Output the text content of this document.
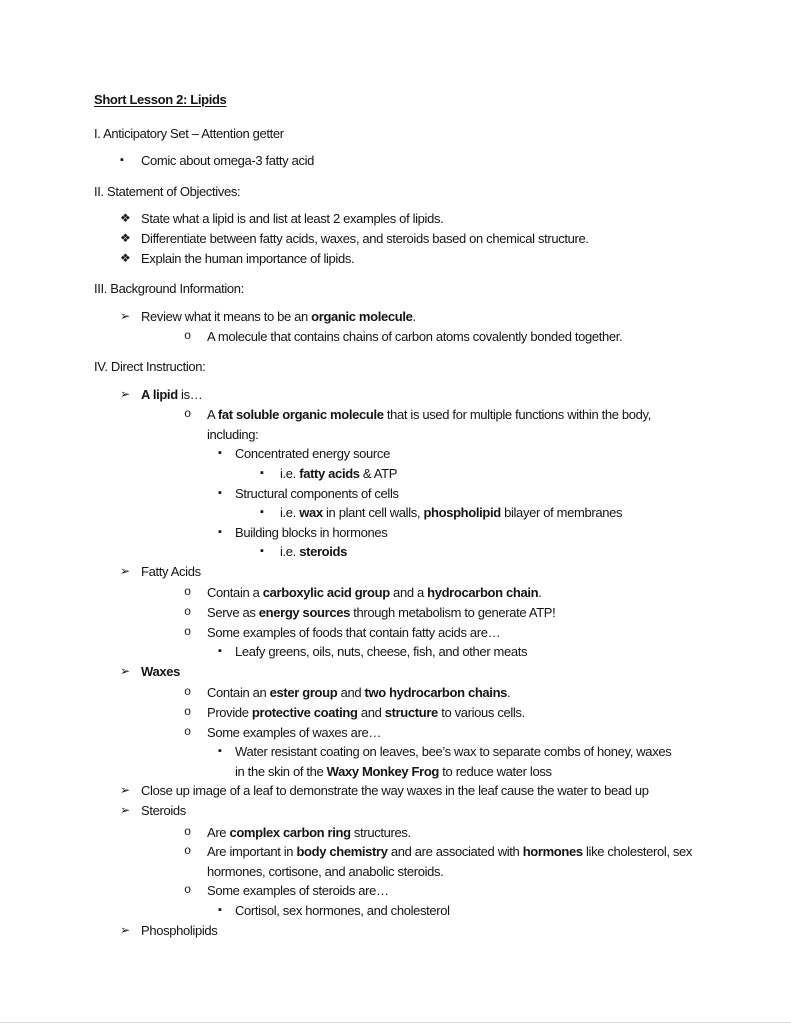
Short Lesson 2: Lipids
I. Anticipatory Set – Attention getter
▪ Comic about omega-3 fatty acid
II. Statement of Objectives:
❖ State what a lipid is and list at least 2 examples of lipids.
❖ Differentiate between fatty acids, waxes, and steroids based on chemical structure.
❖ Explain the human importance of lipids.
III. Background Information:
➢ Review what it means to be an organic molecule.
o A molecule that contains chains of carbon atoms covalently bonded together.
IV. Direct Instruction:
➢ A lipid is…
o A fat soluble organic molecule that is used for multiple functions within the body,
including:
▪ Concentrated energy source
▪ i.e. fatty acids & ATP
▪ Structural components of cells
▪ i.e. wax in plant cell walls, phospholipid bilayer of membranes
▪ Building blocks in hormones
▪ i.e. steroids
➢ Fatty Acids
o Contain a carboxylic acid group and a hydrocarbon chain.
o Serve as energy sources through metabolism to generate ATP!
o Some examples of foods that contain fatty acids are…
▪ Leafy greens, oils, nuts, cheese, fish, and other meats
➢ Waxes
o Contain an ester group and two hydrocarbon chains.
o Provide protective coating and structure to various cells.
o Some examples of waxes are…
▪ Water resistant coating on leaves, bee’s wax to separate combs of honey, waxes
in the skin of the Waxy Monkey Frog to reduce water loss
➢ Close up image of a leaf to demonstrate the way waxes in the leaf cause the water to bead up
➢ Steroids
o Are complex carbon ring structures.
o Are important in body chemistry and are associated with hormones like cholesterol, sex
hormones, cortisone, and anabolic steroids.
o Some examples of steroids are…
▪ Cortisol, sex hormones, and cholesterol
➢ Phospholipids
